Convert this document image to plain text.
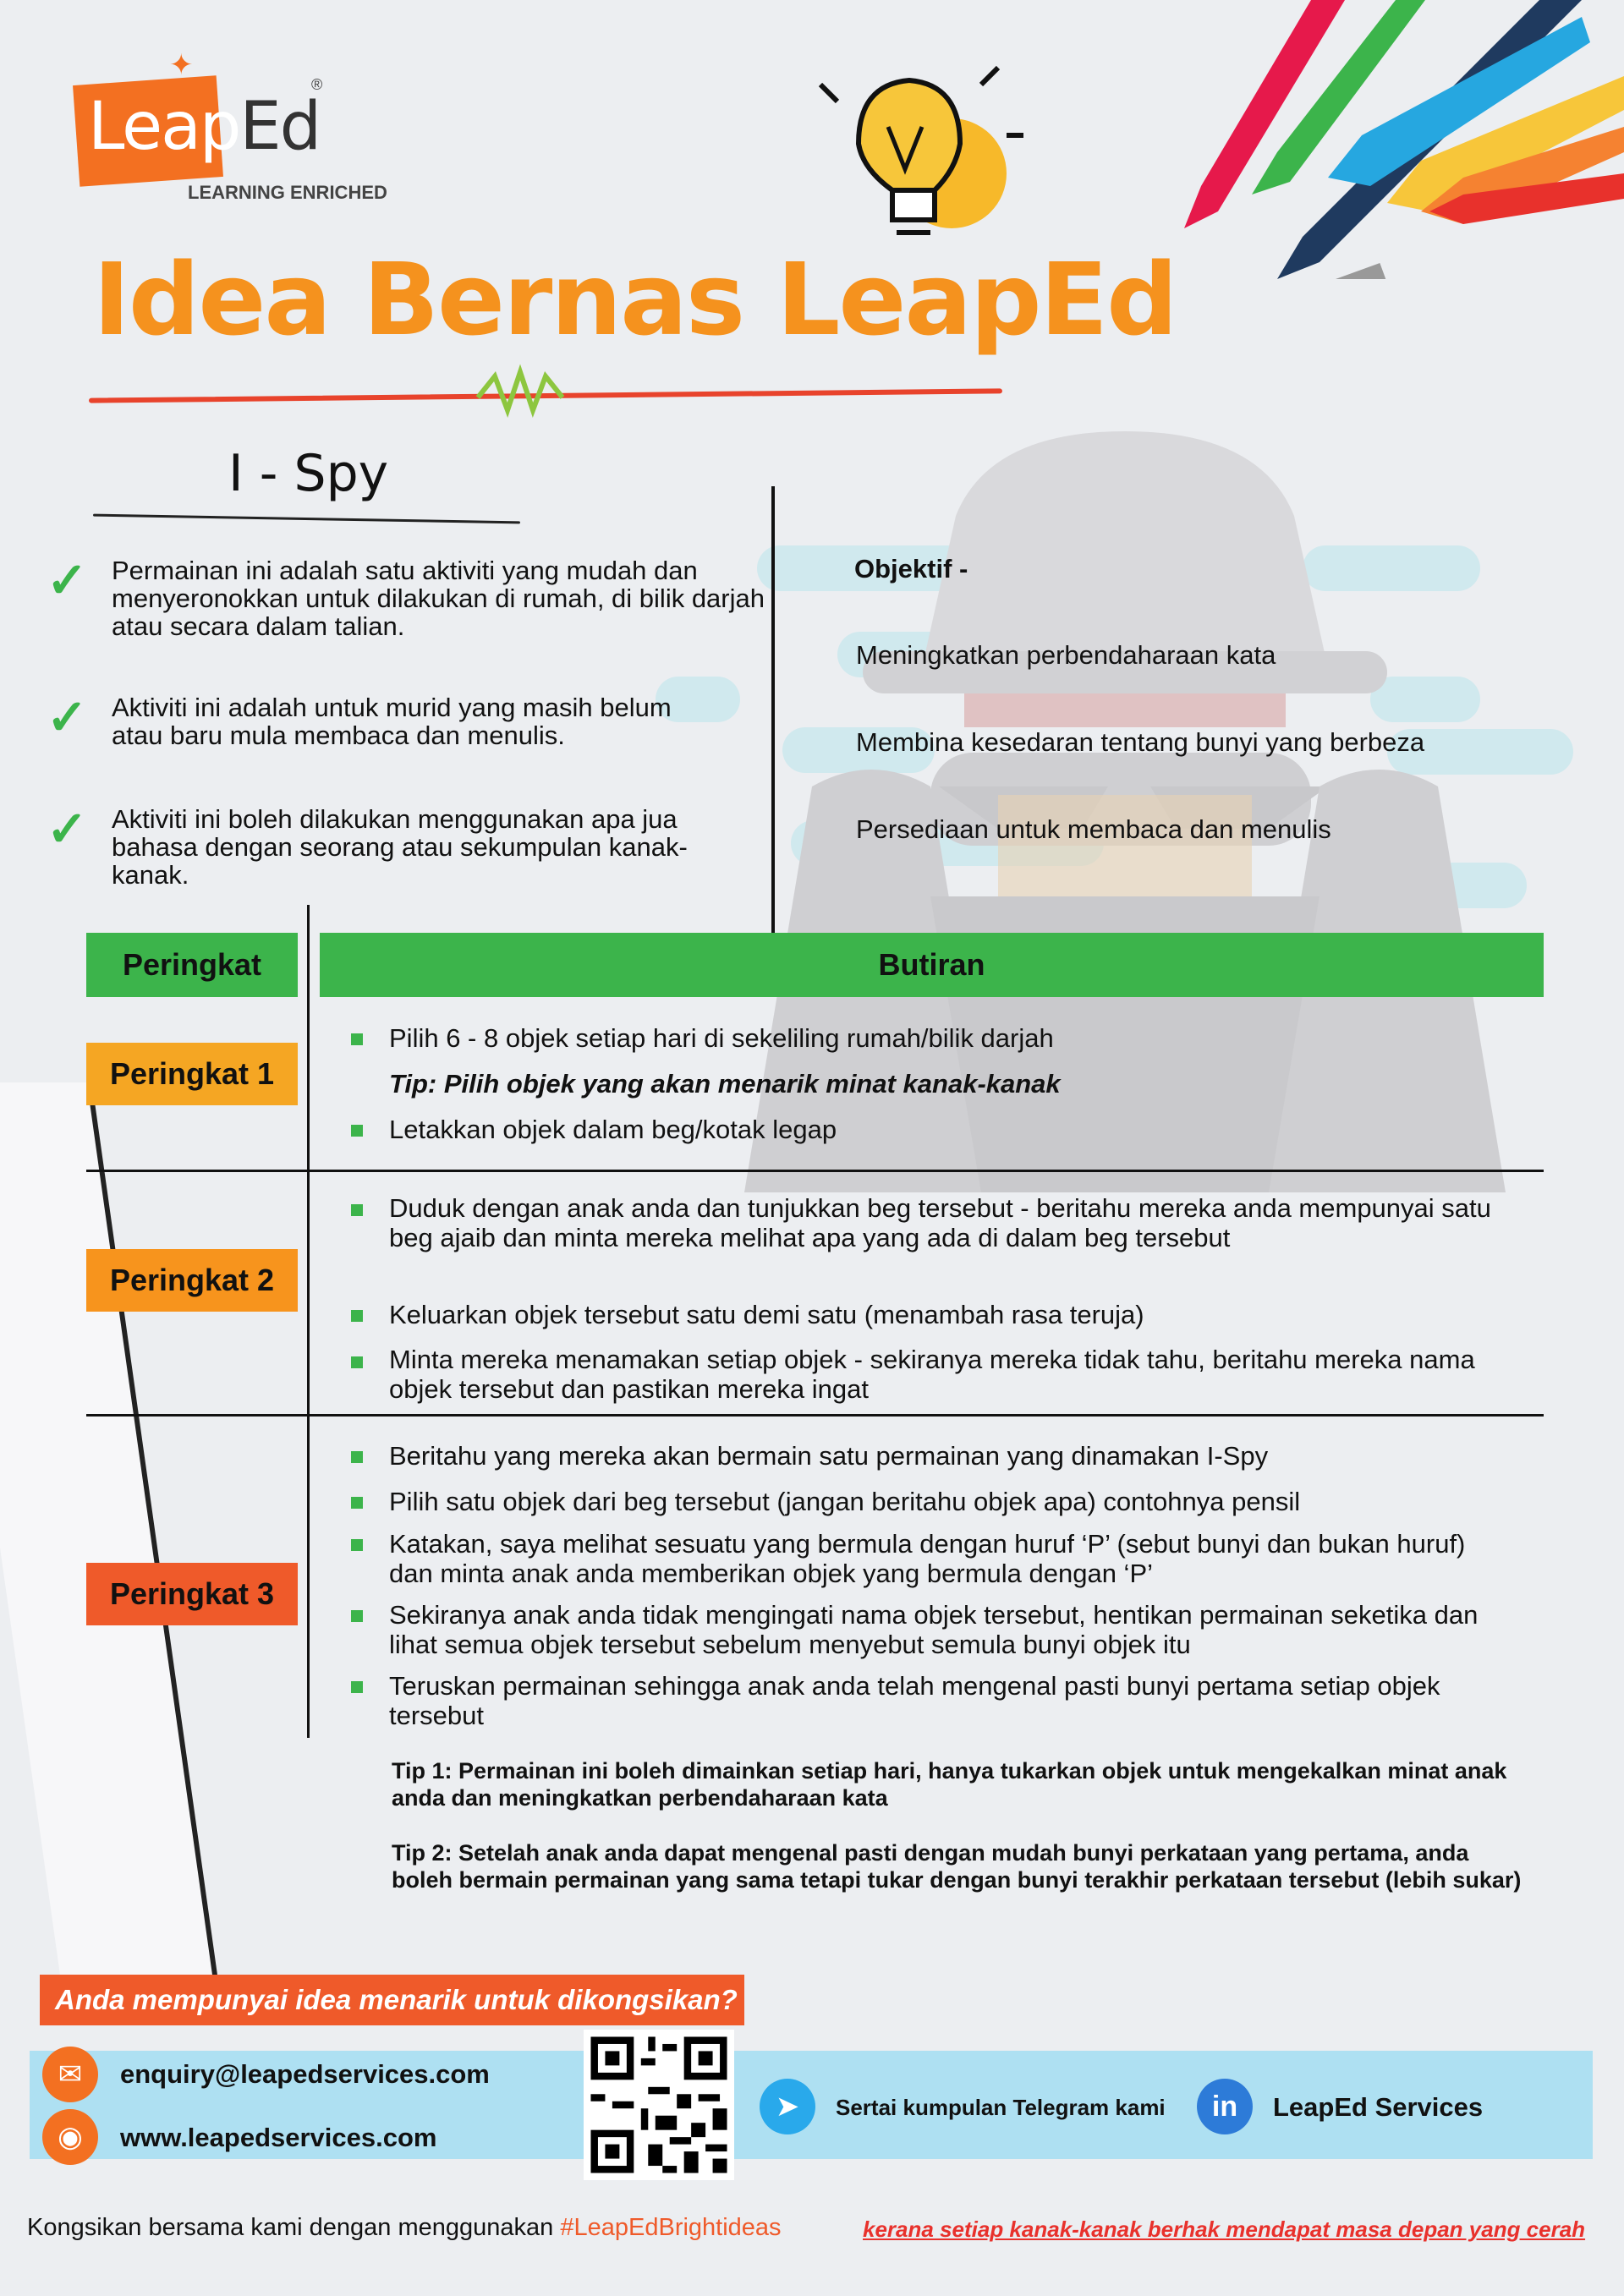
✦
LeapEd
®
LEARNING ENRICHED
Idea Bernas LeapEd
I - Spy
✓ Permainan ini adalah satu aktiviti yang mudah dan menyeronokkan untuk dilakukan di rumah, di bilik darjah atau secara dalam talian.
✓ Aktiviti ini adalah untuk murid yang masih belum atau baru mula membaca dan menulis.
✓ Aktiviti ini boleh dilakukan menggunakan apa jua bahasa dengan seorang atau sekumpulan kanak-kanak.
Objektif -
Meningkatkan perbendaharaan kata
Membina kesedaran tentang bunyi yang berbeza
Persediaan untuk membaca dan menulis
Peringkat	Butiran
Peringkat 1
Pilih 6 - 8 objek setiap hari di sekeliling rumah/bilik darjah
Tip: Pilih objek yang akan menarik minat kanak-kanak
Letakkan objek dalam beg/kotak legap
Peringkat 2
Duduk dengan anak anda dan tunjukkan beg tersebut - beritahu mereka anda mempunyai satu beg ajaib dan minta mereka melihat apa yang ada di dalam beg tersebut
Keluarkan objek tersebut satu demi satu (menambah rasa teruja)
Minta mereka menamakan setiap objek - sekiranya mereka tidak tahu, beritahu mereka nama objek tersebut dan pastikan mereka ingat
Peringkat 3
Beritahu yang mereka akan bermain satu permainan yang dinamakan I-Spy
Pilih satu objek dari beg tersebut (jangan beritahu objek apa) contohnya pensil
Katakan, saya melihat sesuatu yang bermula dengan huruf ‘P’ (sebut bunyi dan bukan huruf) dan minta anak anda memberikan objek yang bermula dengan ‘P’
Sekiranya anak anda tidak mengingati nama objek tersebut, hentikan permainan seketika dan lihat semua objek tersebut sebelum menyebut semula bunyi objek itu
Teruskan permainan sehingga anak anda telah mengenal pasti bunyi pertama setiap objek tersebut
Tip 1: Permainan ini boleh dimainkan setiap hari, hanya tukarkan objek untuk mengekalkan minat anak anda dan meningkatkan perbendaharaan kata
Tip 2: Setelah anak anda dapat mengenal pasti dengan mudah bunyi perkataan yang pertama, anda boleh bermain permainan yang sama tetapi tukar dengan bunyi terakhir perkataan tersebut (lebih sukar)
Anda mempunyai idea menarik untuk dikongsikan?
✉	enquiry@leapedservices.com
◉	www.leapedservices.com
➤	Sertai kumpulan Telegram kami	in	LeapEd Services
Kongsikan bersama kami dengan menggunakan #LeapEdBrightideas	kerana setiap kanak-kanak berhak mendapat masa depan yang cerah
